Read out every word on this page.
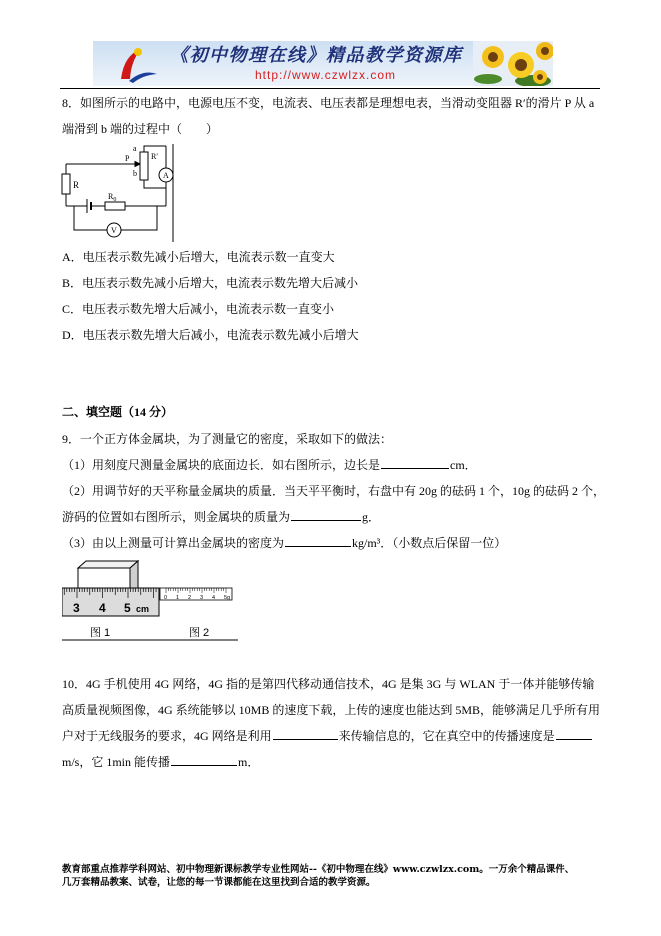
《初中物理在线》精品教学资源库
http://www.czwlzx.com
8．如图所示的电路中，电源电压不变，电流表、电压表都是理想电表，当滑动变阻器 R′的滑片 P 从 a
端滑到 b 端的过程中（　　）
R
a
P
b
R′
A
$R_0$
V
A．电压表示数先减小后增大，电流表示数一直变大
B．电压表示数先减小后增大，电流表示数先增大后减小
C．电压表示数先增大后减小，电流表示数一直变小
D．电压表示数先增大后减小，电流表示数先减小后增大
二、填空题（14 分）
9．一个正方体金属块，为了测量它的密度，采取如下的做法：
（1）用刻度尺测量金属块的底面边长．如右图所示，边长是	cm．
（2）用调节好的天平称量金属块的质量．当天平平衡时，右盘中有 20g 的砝码 1 个，10g 的砝码 2 个，
游码的位置如右图所示，则金属块的质量为	g．
（3）由以上测量可计算出金属块的密度为	kg/m³．（小数点后保留一位）
3 4 5 cm
0 1 2 3 4 5g
图 1	图 2
10．4G 手机使用 4G 网络，4G 指的是第四代移动通信技术，4G 是集 3G 与 WLAN 于一体并能够传输
高质量视频图像，4G 系统能够以 10MB 的速度下载，上传的速度也能达到 5MB，能够满足几乎所有用
户对于无线服务的要求，4G 网络是利用	来传输信息的，它在真空中的传播速度是
m/s，它 1min 能传播	m．
教育部重点推荐学科网站、初中物理新课标教学专业性网站--《初中物理在线》www.czwlzx.com。一万余个精品课件、
几万套精品教案、试卷，让您的每一节课都能在这里找到合适的教学资源。
